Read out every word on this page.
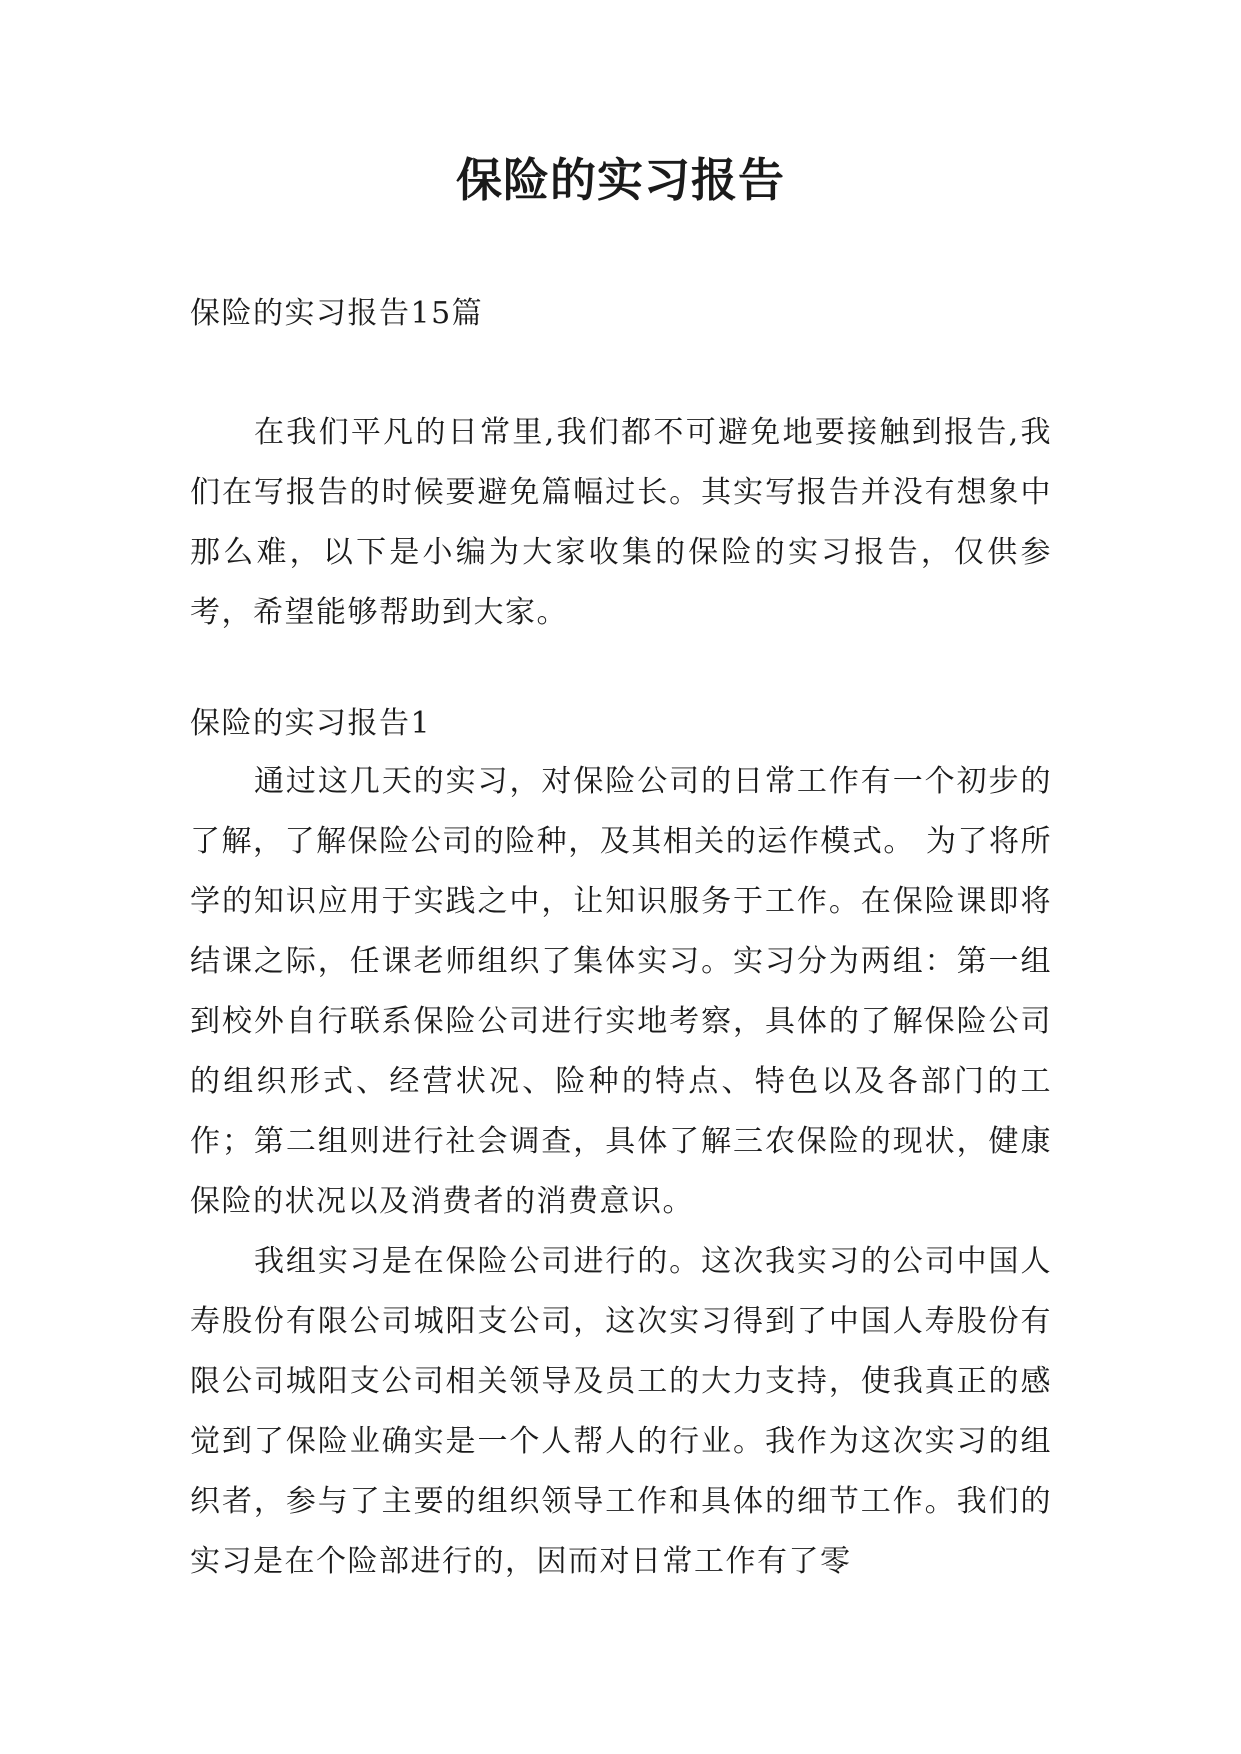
保险的实习报告

保险的实习报告15篇

在我们平凡的日常里,我们都不可避免地要接触到报告,我们在写报告的时候要避免篇幅过长。其实写报告并没有想象中那么难，以下是小编为大家收集的保险的实习报告，仅供参考，希望能够帮助到大家。

保险的实习报告1

通过这几天的实习，对保险公司的日常工作有一个初步的了解，了解保险公司的险种，及其相关的运作模式。 为了将所学的知识应用于实践之中，让知识服务于工作。在保险课即将结课之际，任课老师组织了集体实习。实习分为两组：第一组到校外自行联系保险公司进行实地考察，具体的了解保险公司的组织形式、经营状况、险种的特点、特色以及各部门的工作；第二组则进行社会调查，具体了解三农保险的现状，健康保险的状况以及消费者的消费意识。

我组实习是在保险公司进行的。这次我实习的公司中国人寿股份有限公司城阳支公司，这次实习得到了中国人寿股份有限公司城阳支公司相关领导及员工的大力支持，使我真正的感觉到了保险业确实是一个人帮人的行业。我作为这次实习的组织者，参与了主要的组织领导工作和具体的细节工作。我们的实习是在个险部进行的，因而对日常工作有了零
